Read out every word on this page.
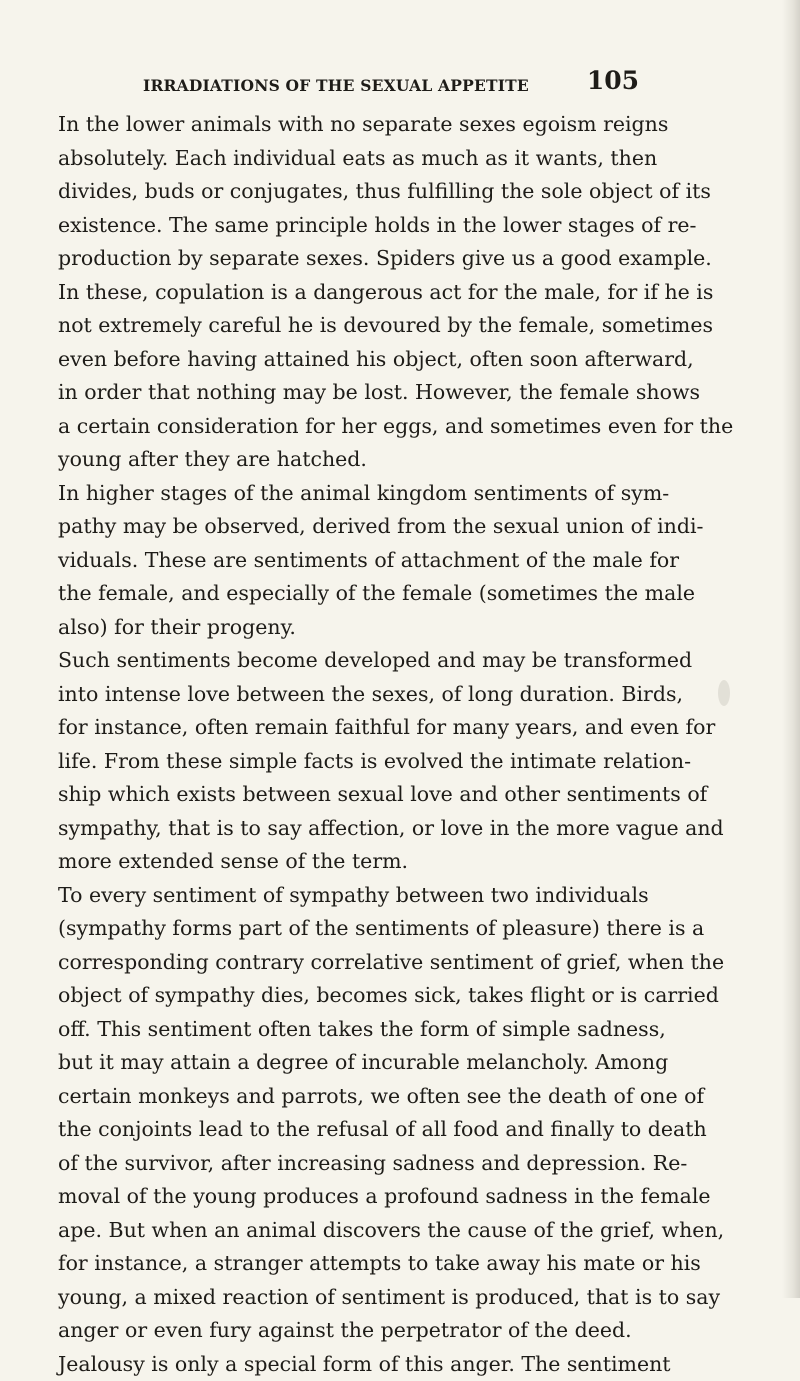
IRRADIATIONS OF THE SEXUAL APPETITE 105
In the lower animals with no separate sexes egoism reigns
absolutely. Each individual eats as much as it wants, then
divides, buds or conjugates, thus fulfilling the sole object of its
existence. The same principle holds in the lower stages of re-
production by separate sexes. Spiders give us a good example.
In these, copulation is a dangerous act for the male, for if he is
not extremely careful he is devoured by the female, sometimes
even before having attained his object, often soon afterward,
in order that nothing may be lost. However, the female shows
a certain consideration for her eggs, and sometimes even for the
young after they are hatched.
In higher stages of the animal kingdom sentiments of sym-
pathy may be observed, derived from the sexual union of indi-
viduals. These are sentiments of attachment of the male for
the female, and especially of the female (sometimes the male
also) for their progeny.
Such sentiments become developed and may be transformed
into intense love between the sexes, of long duration. Birds,
for instance, often remain faithful for many years, and even for
life. From these simple facts is evolved the intimate relation-
ship which exists between sexual love and other sentiments of
sympathy, that is to say affection, or love in the more vague and
more extended sense of the term.
To every sentiment of sympathy between two individuals
(sympathy forms part of the sentiments of pleasure) there is a
corresponding contrary correlative sentiment of grief, when the
object of sympathy dies, becomes sick, takes flight or is carried
off. This sentiment often takes the form of simple sadness,
but it may attain a degree of incurable melancholy. Among
certain monkeys and parrots, we often see the death of one of
the conjoints lead to the refusal of all food and finally to death
of the survivor, after increasing sadness and depression. Re-
moval of the young produces a profound sadness in the female
ape. But when an animal discovers the cause of the grief, when,
for instance, a stranger attempts to take away his mate or his
young, a mixed reaction of sentiment is produced, that is to say
anger or even fury against the perpetrator of the deed.
Jealousy is only a special form of this anger. The sentiment
